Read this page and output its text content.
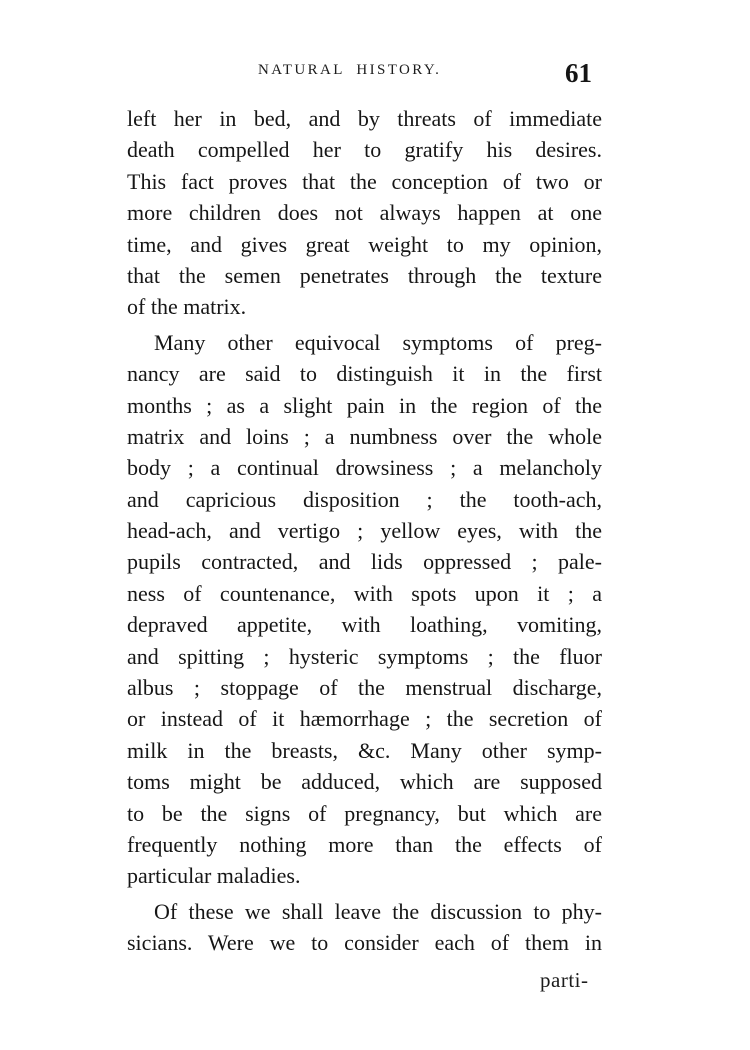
NATURAL HISTORY.	61
left her in bed, and by threats of immediate
death compelled her to gratify his desires.
This fact proves that the conception of two or
more children does not always happen at one
time, and gives great weight to my opinion,
that the semen penetrates through the texture
of the matrix.
Many other equivocal symptoms of preg-
nancy are said to distinguish it in the first
months ; as a slight pain in the region of the
matrix and loins ; a numbness over the whole
body ; a continual drowsiness ; a melancholy
and capricious disposition ; the tooth-ach,
head-ach, and vertigo ; yellow eyes, with the
pupils contracted, and lids oppressed ; pale-
ness of countenance, with spots upon it ; a
depraved appetite, with loathing, vomiting,
and spitting ; hysteric symptoms ; the fluor
albus ; stoppage of the menstrual discharge,
or instead of it hæmorrhage ; the secretion of
milk in the breasts, &c. Many other symp-
toms might be adduced, which are supposed
to be the signs of pregnancy, but which are
frequently nothing more than the effects of
particular maladies.
Of these we shall leave the discussion to phy-
sicians. Were we to consider each of them in
parti-
